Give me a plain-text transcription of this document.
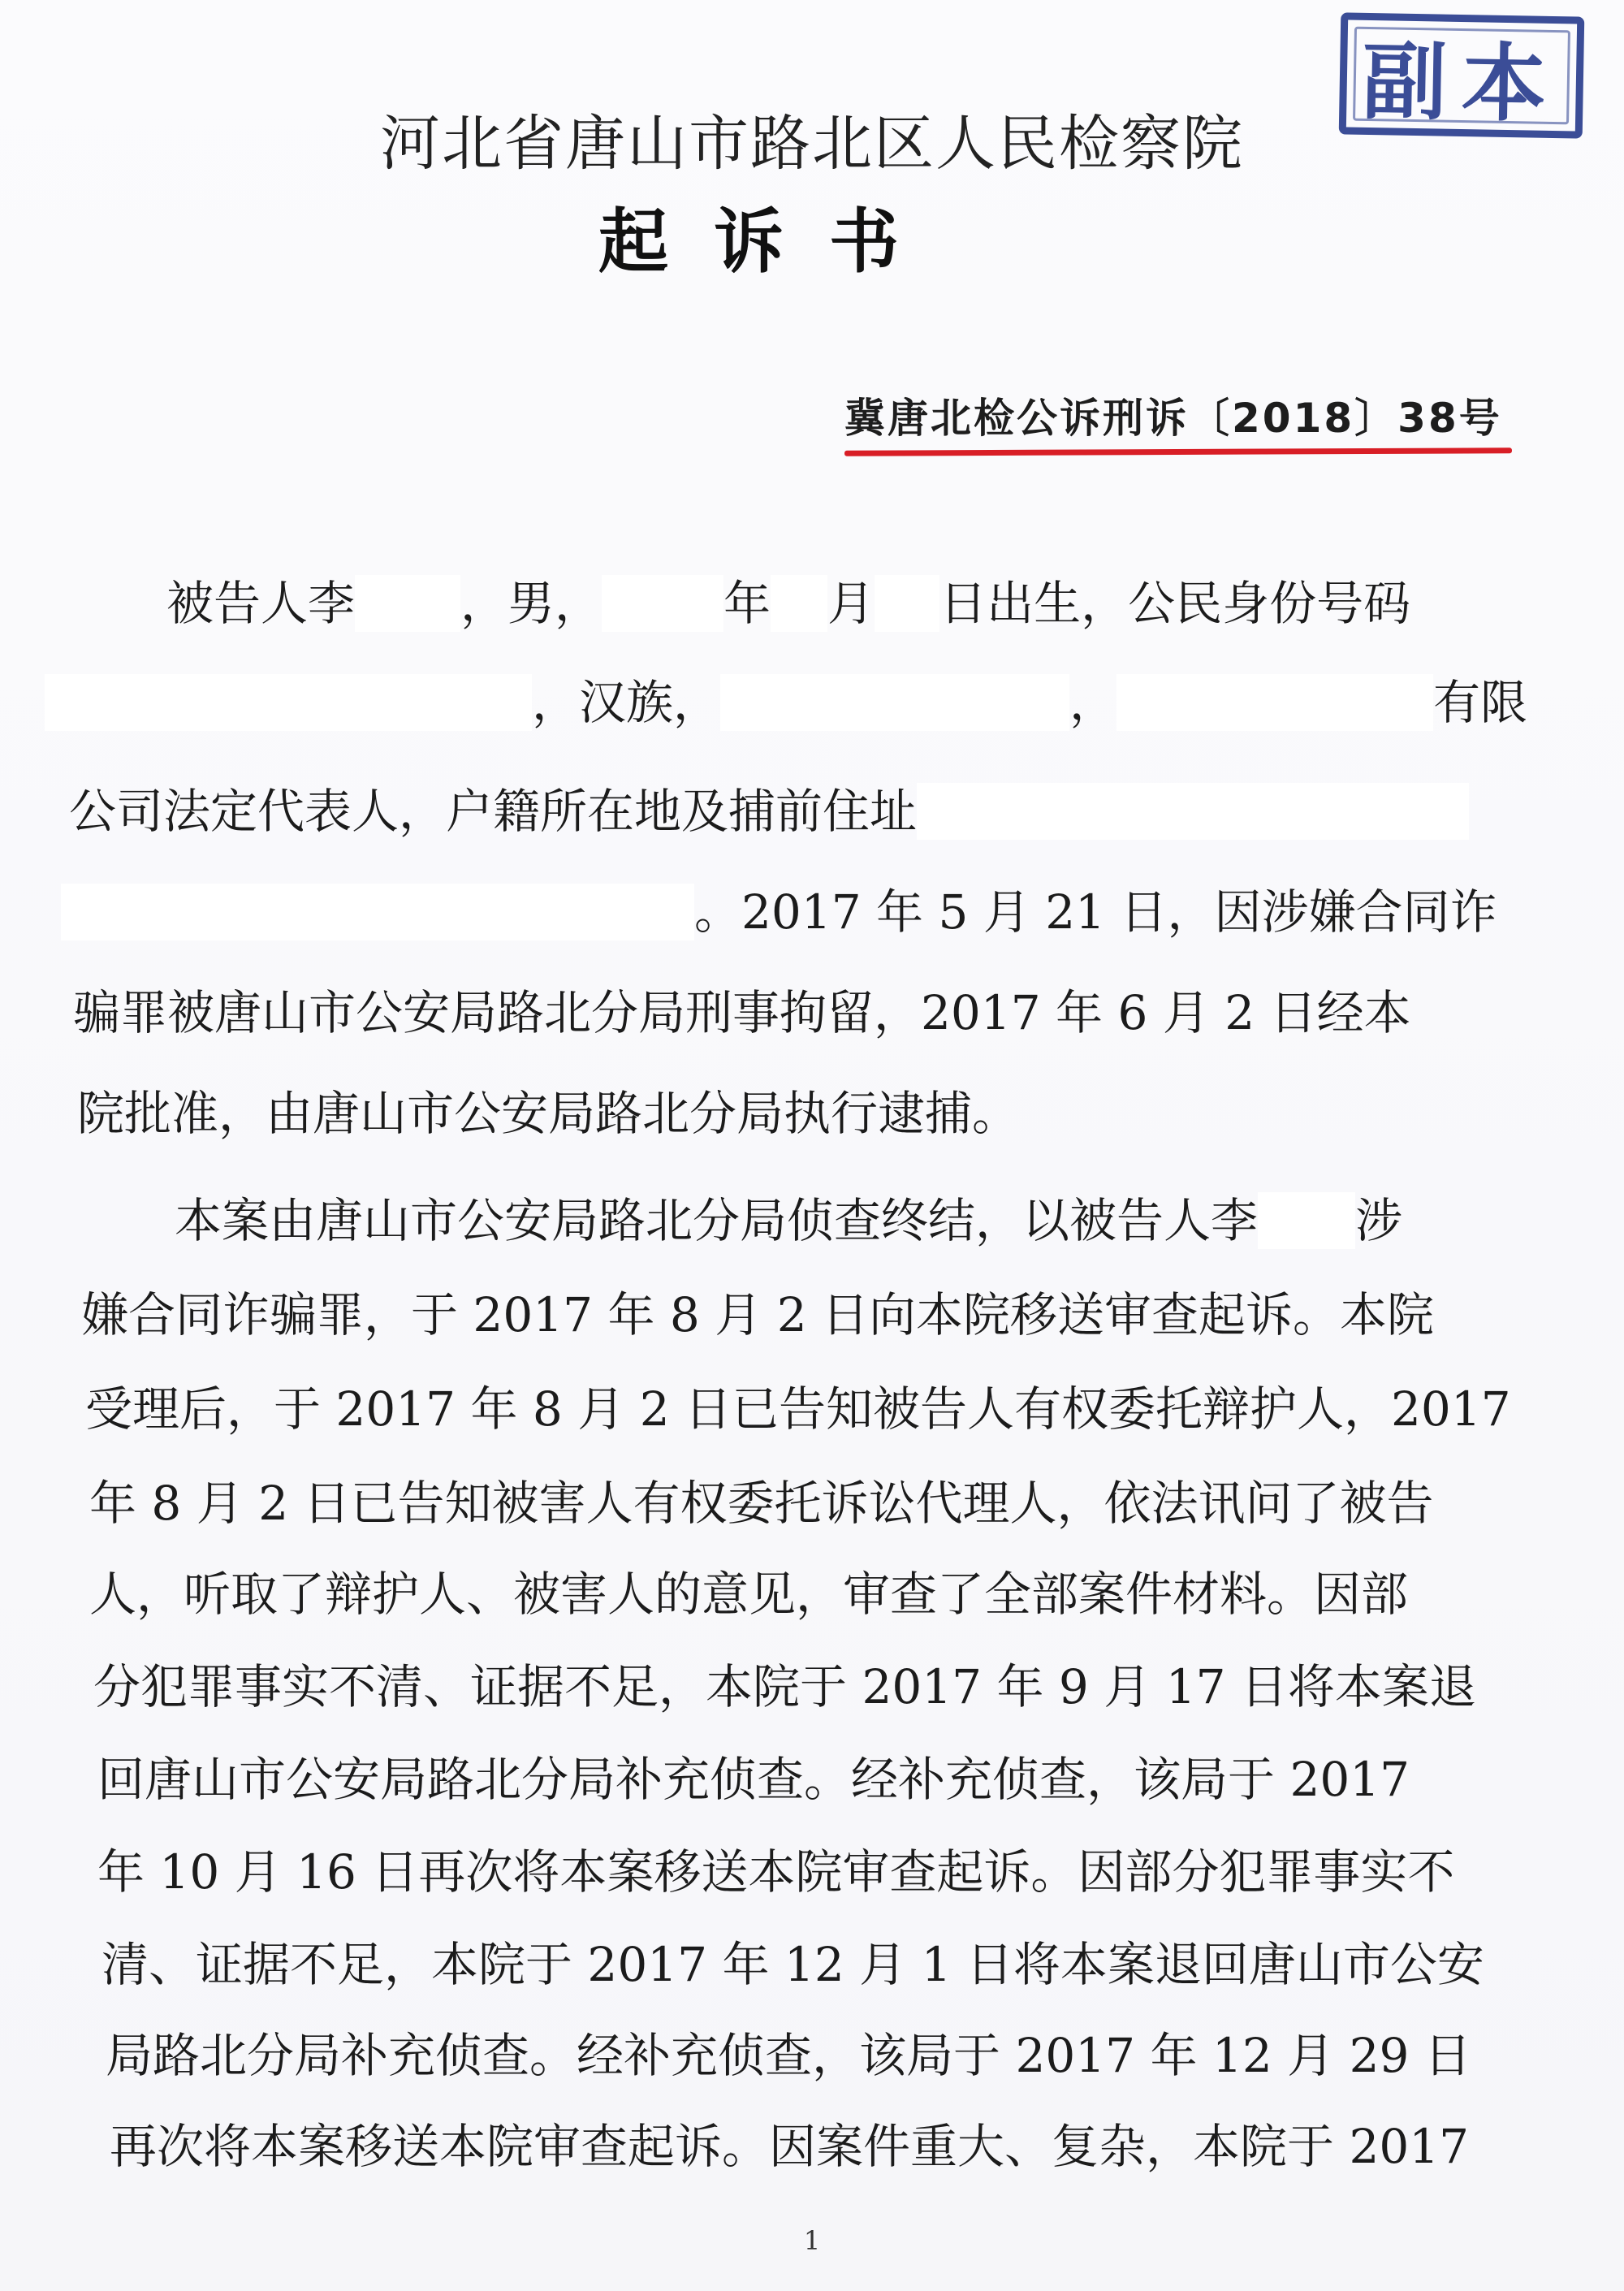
副本
河北省唐山市路北区人民检察院
起诉书
冀唐北检公诉刑诉〔2018〕38号
被告人李 ，男，	年 月 日出生，公民身份号码
，汉族，	，	有限
公司法定代表人，户籍所在地及捕前住址
。2017 年 5 月 21 日，因涉嫌合同诈
骗罪被唐山市公安局路北分局刑事拘留，2017 年 6 月 2 日经本
院批准，由唐山市公安局路北分局执行逮捕。
本案由唐山市公安局路北分局侦查终结，以被告人李 涉
嫌合同诈骗罪，于 2017 年 8 月 2 日向本院移送审查起诉。本院
受理后，于 2017 年 8 月 2 日已告知被告人有权委托辩护人，2017
年 8 月 2 日已告知被害人有权委托诉讼代理人，依法讯问了被告
人，听取了辩护人、被害人的意见，审查了全部案件材料。因部
分犯罪事实不清、证据不足，本院于 2017 年 9 月 17 日将本案退
回唐山市公安局路北分局补充侦查。经补充侦查，该局于 2017
年 10 月 16 日再次将本案移送本院审查起诉。因部分犯罪事实不
清、证据不足，本院于 2017 年 12 月 1 日将本案退回唐山市公安
局路北分局补充侦查。经补充侦查，该局于 2017 年 12 月 29 日
再次将本案移送本院审查起诉。因案件重大、复杂，本院于 2017
1
